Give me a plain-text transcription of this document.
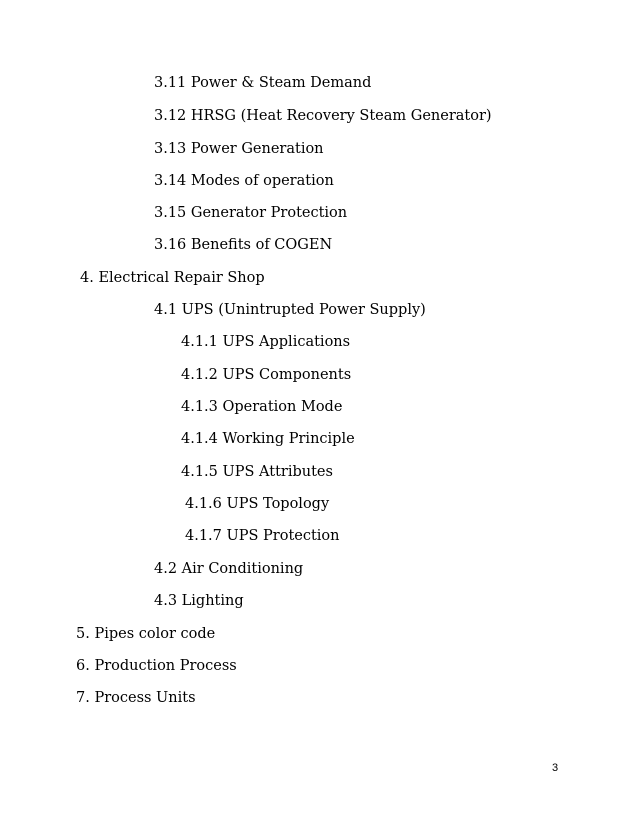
3.11 Power & Steam Demand
3.12 HRSG (Heat Recovery Steam Generator)
3.13 Power Generation
3.14 Modes of operation
3.15 Generator Protection
3.16 Benefits of COGEN
4. Electrical Repair Shop
4.1 UPS (Unintrupted Power Supply)
4.1.1 UPS Applications
4.1.2 UPS Components
4.1.3 Operation Mode
4.1.4 Working Principle
4.1.5 UPS Attributes
4.1.6 UPS Topology
4.1.7 UPS Protection
4.2 Air Conditioning
4.3 Lighting
5. Pipes color code
6. Production Process
7. Process Units
3
